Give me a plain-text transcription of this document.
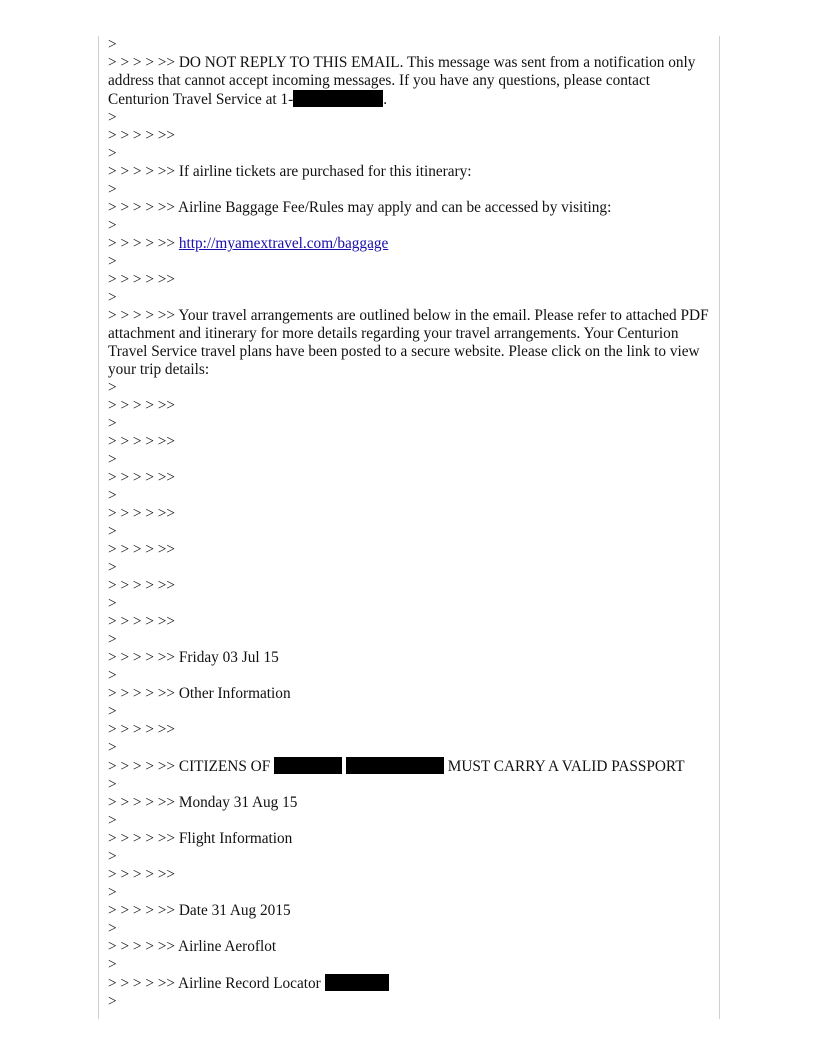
>
> > > > >> DO NOT REPLY TO THIS EMAIL. This message was sent from a notification only address that cannot accept incoming messages. If you have any questions, please contact Centurion Travel Service at 1-	.
>
> > > > >>
>
> > > > >> If airline tickets are purchased for this itinerary:
>
> > > > >> Airline Baggage Fee/Rules may apply and can be accessed by visiting:
>
> > > > >> http://myamextravel.com/baggage
>
> > > > >>
>
> > > > >> Your travel arrangements are outlined below in the email. Please refer to attached PDF attachment and itinerary for more details regarding your travel arrangements. Your Centurion Travel Service travel plans have been posted to a secure website. Please click on the link to view your trip details:
>
> > > > >>
>
> > > > >>
>
> > > > >>
>
> > > > >>
>
> > > > >>
>
> > > > >>
>
> > > > >>
>
> > > > >> Friday 03 Jul 15
>
> > > > >> Other Information
>
> > > > >>
>
> > > > >> CITIZENS OF	MUST CARRY A VALID PASSPORT
>
> > > > >> Monday 31 Aug 15
>
> > > > >> Flight Information
>
> > > > >>
>
> > > > >> Date 31 Aug 2015
>
> > > > >> Airline Aeroflot
>
> > > > >> Airline Record Locator
>
